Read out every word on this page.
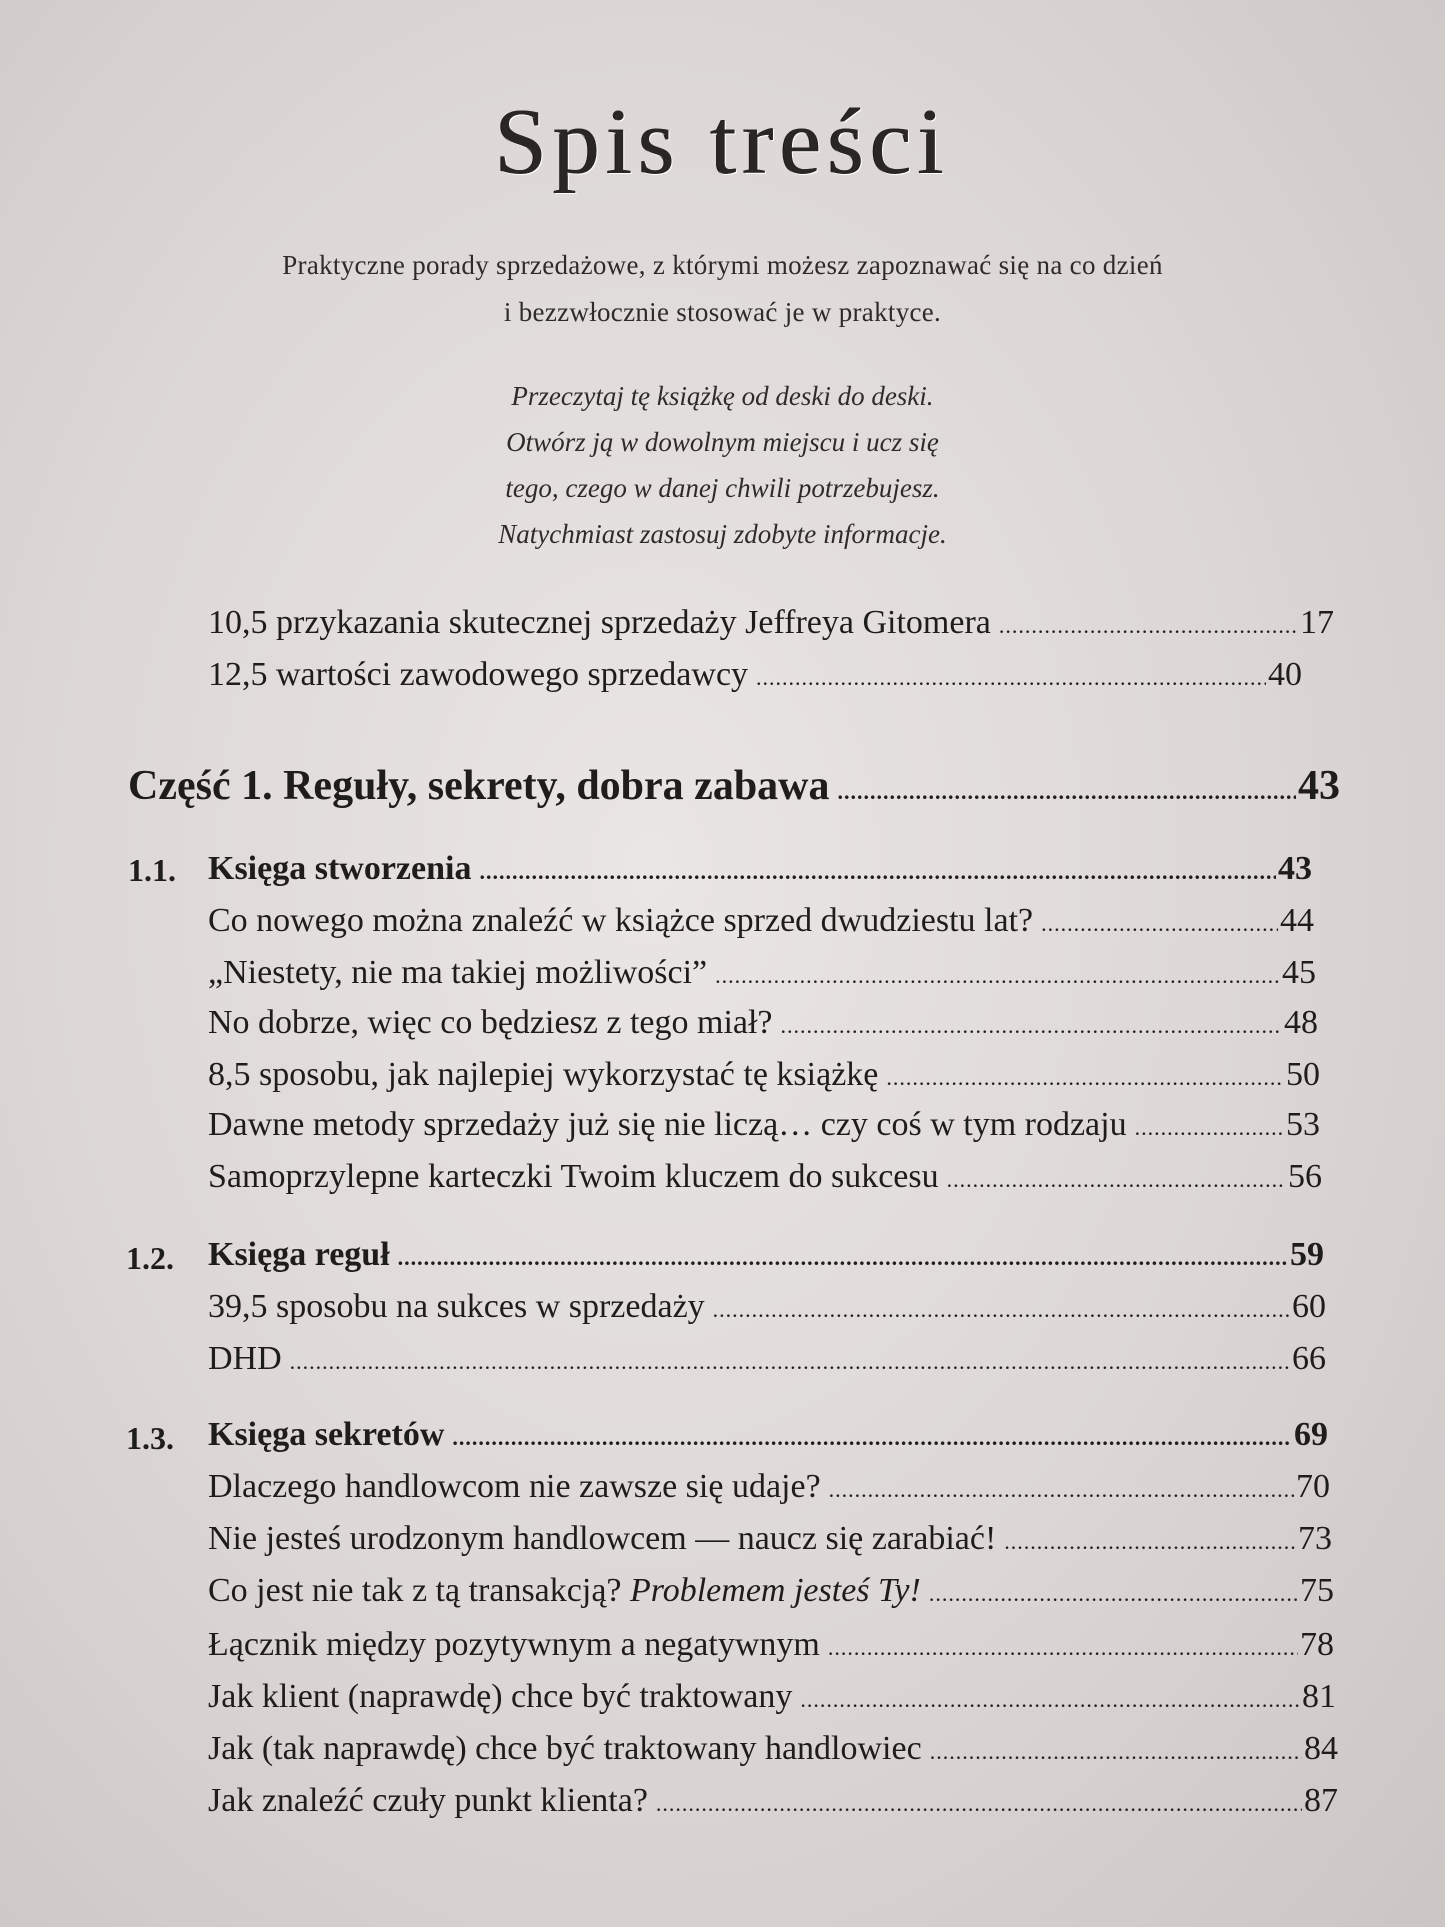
Spis treści
Praktyczne porady sprzedażowe, z którymi możesz zapoznawać się na co dzień
i bezzwłocznie stosować je w praktyce.
Przeczytaj tę książkę od deski do deski.
Otwórz ją w dowolnym miejscu i ucz się
tego, czego w danej chwili potrzebujesz.
Natychmiast zastosuj zdobyte informacje.
10,5 przykazania skutecznej sprzedaży Jeffreya Gitomera .....	17
12,5 wartości zawodowego sprzedawcy .....	40
Część 1. Reguły, sekrety, dobra zabawa .....	43
1.1. Księga stworzenia .....	43
Co nowego można znaleźć w książce sprzed dwudziestu lat? .....	44
„Niestety, nie ma takiej możliwości” .....	45
No dobrze, więc co będziesz z tego miał? .....	48
8,5 sposobu, jak najlepiej wykorzystać tę książkę .....	50
Dawne metody sprzedaży już się nie liczą… czy coś w tym rodzaju .....	53
Samoprzylepne karteczki Twoim kluczem do sukcesu .....	56
1.2. Księga reguł .....	59
39,5 sposobu na sukces w sprzedaży .....	60
DHD .....	66
1.3. Księga sekretów .....	69
Dlaczego handlowcom nie zawsze się udaje? .....	70
Nie jesteś urodzonym handlowcem — naucz się zarabiać! .....	73
Co jest nie tak z tą transakcją? Problemem jesteś Ty! .....	75
Łącznik między pozytywnym a negatywnym .....	78
Jak klient (naprawdę) chce być traktowany .....	81
Jak (tak naprawdę) chce być traktowany handlowiec .....	84
Jak znaleźć czuły punkt klienta? .....	87
